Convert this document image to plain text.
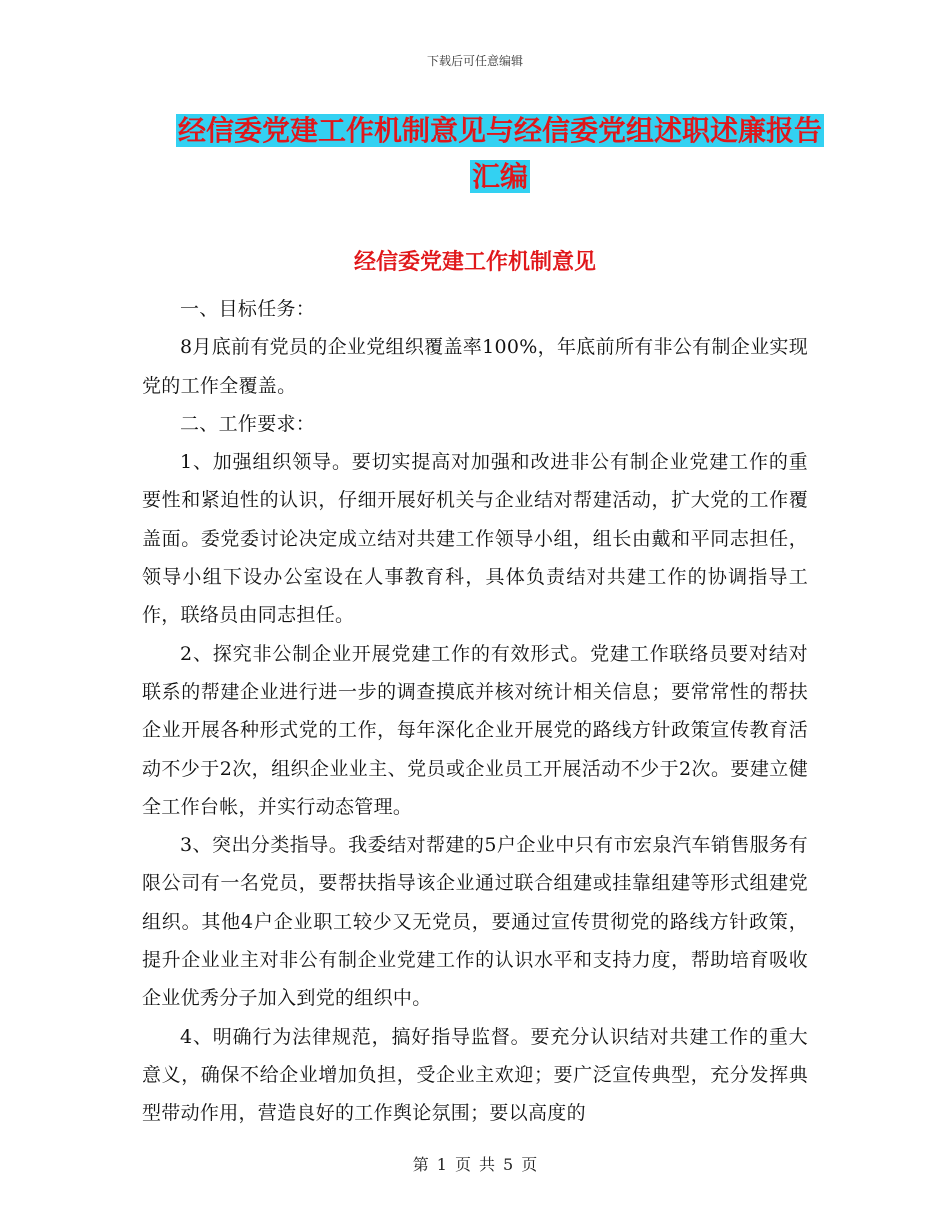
下载后可任意编辑
经信委党建工作机制意见与经信委党组述职述廉报告
汇编
经信委党建工作机制意见

一、目标任务：

8月底前有党员的企业党组织覆盖率100%，年底前所有非公有制企业实现党的工作全覆盖。

二、工作要求：

1、加强组织领导。要切实提高对加强和改进非公有制企业党建工作的重要性和紧迫性的认识，仔细开展好机关与企业结对帮建活动，扩大党的工作覆盖面。委党委讨论决定成立结对共建工作领导小组，组长由戴和平同志担任，领导小组下设办公室设在人事教育科，具体负责结对共建工作的协调指导工作，联络员由同志担任。

2、探究非公制企业开展党建工作的有效形式。党建工作联络员要对结对联系的帮建企业进行进一步的调查摸底并核对统计相关信息；要常常性的帮扶企业开展各种形式党的工作，每年深化企业开展党的路线方针政策宣传教育活动不少于2次，组织企业业主、党员或企业员工开展活动不少于2次。要建立健全工作台帐，并实行动态管理。

3、突出分类指导。我委结对帮建的5户企业中只有市宏泉汽车销售服务有限公司有一名党员，要帮扶指导该企业通过联合组建或挂靠组建等形式组建党组织。其他4户企业职工较少又无党员，要通过宣传贯彻党的路线方针政策，提升企业业主对非公有制企业党建工作的认识水平和支持力度，帮助培育吸收企业优秀分子加入到党的组织中。

4、明确行为法律规范，搞好指导监督。要充分认识结对共建工作的重大意义，确保不给企业增加负担，受企业主欢迎；要广泛宣传典型，充分发挥典型带动作用，营造良好的工作舆论氛围；要以高度的

第 1 页 共 5 页
